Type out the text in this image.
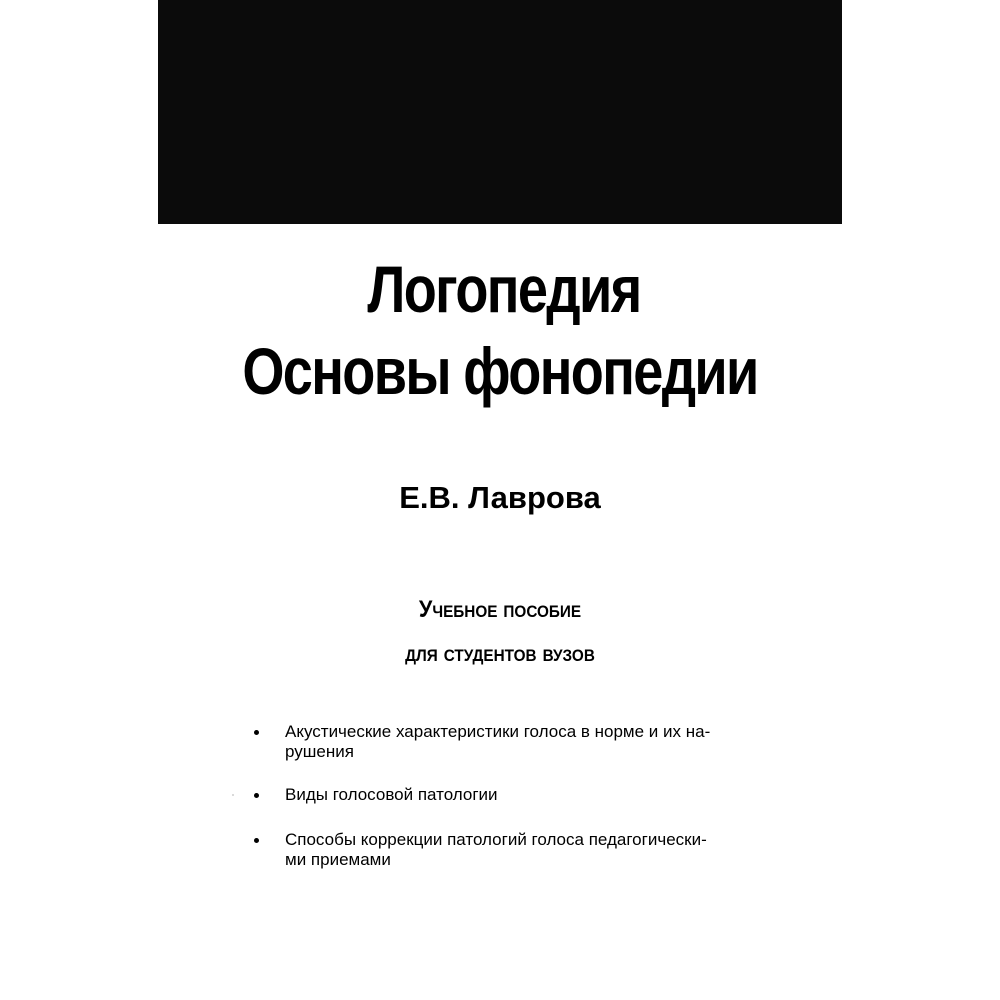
Логопедия
Основы фонопедии
Е.В. Лаврова
Учебное пособие
для студентов вузов
Акустические характеристики голоса в норме и их на-
рушения
Виды голосовой патологии
Способы коррекции патологий голоса педагогически-
ми приемами
